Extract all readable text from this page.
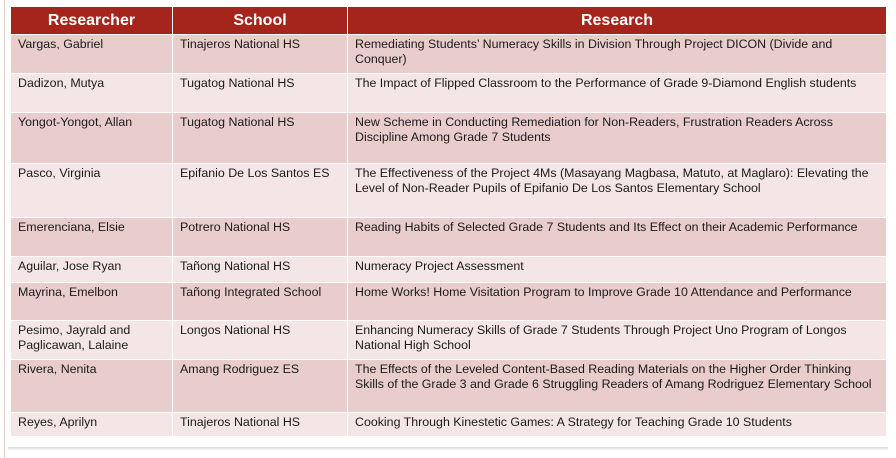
Researcher	School	Research
Vargas, Gabriel	Tinajeros National HS	Remediating Students’ Numeracy Skills in Division Through Project DICON (Divide and Conquer)
Dadizon, Mutya	Tugatog National HS	The Impact of Flipped Classroom to the Performance of Grade 9-Diamond English students
Yongot-Yongot, Allan	Tugatog National HS	New Scheme in Conducting Remediation for Non-Readers, Frustration Readers Across Discipline Among Grade 7 Students
Pasco, Virginia	Epifanio De Los Santos ES	The Effectiveness of the Project 4Ms (Masayang Magbasa, Matuto, at Maglaro): Elevating the Level of Non-Reader Pupils of Epifanio De Los Santos Elementary School
Emerenciana, Elsie	Potrero National HS	Reading Habits of Selected Grade 7 Students and Its Effect on their Academic Performance
Aguilar, Jose Ryan	Tañong National HS	Numeracy Project Assessment
Mayrina, Emelbon	Tañong Integrated School	Home Works! Home Visitation Program to Improve Grade 10 Attendance and Performance
Pesimo, Jayrald and Paglicawan, Lalaine	Longos National HS	Enhancing Numeracy Skills of Grade 7 Students Through Project Uno Program of Longos National High School
Rivera, Nenita	Amang Rodriguez ES	The Effects of the Leveled Content-Based Reading Materials on the Higher Order Thinking Skills of the Grade 3 and Grade 6 Struggling Readers of Amang Rodriguez Elementary School
Reyes, Aprilyn	Tinajeros National HS	Cooking Through Kinestetic Games: A Strategy for Teaching Grade 10 Students
